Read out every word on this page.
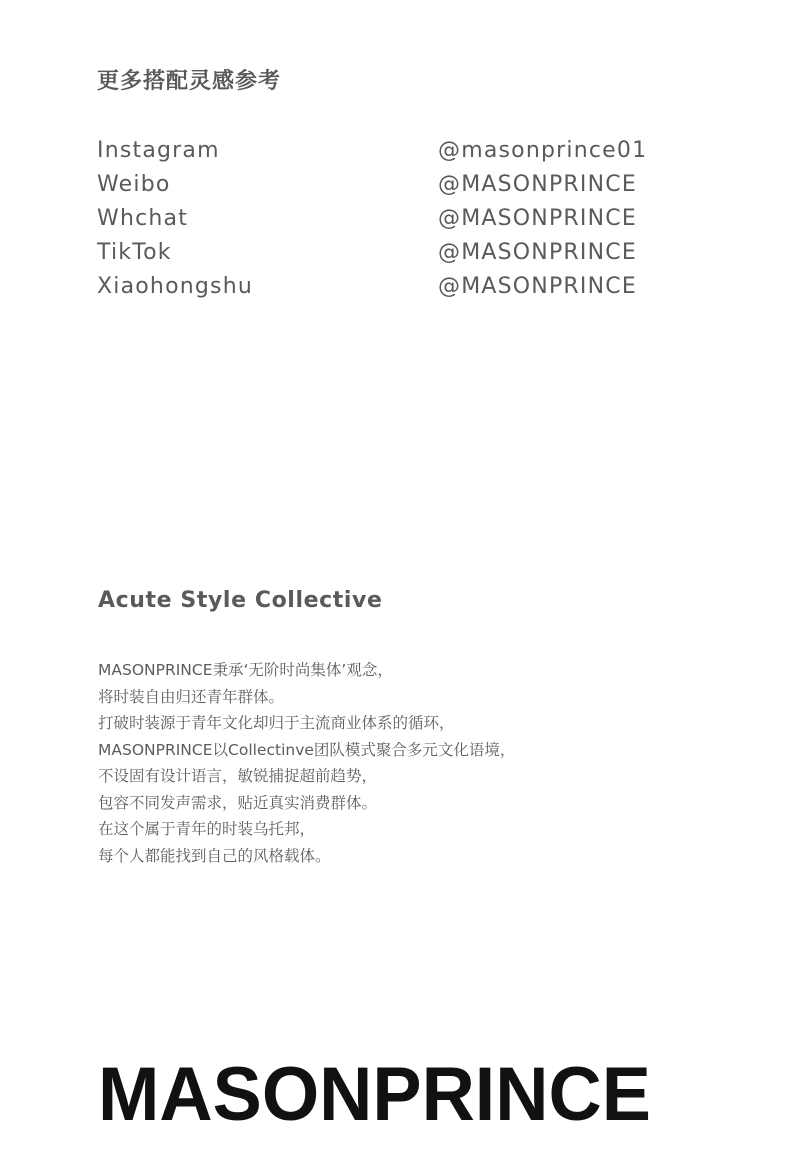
更多搭配灵感参考
Instagram	@masonprince01
Weibo	@MASONPRINCE
Whchat	@MASONPRINCE
TikTok	@MASONPRINCE
Xiaohongshu	@MASONPRINCE
Acute Style Collective
MASONPRINCE秉承‘无阶时尚集体’观念，
将时装自由归还青年群体。
打破时装源于青年文化却归于主流商业体系的循环，
MASONPRINCE以Collectinve团队模式聚合多元文化语境，
不设固有设计语言，敏锐捕捉超前趋势，
包容不同发声需求，贴近真实消费群体。
在这个属于青年的时装乌托邦，
每个人都能找到自己的风格载体。
MASONPRINCE
